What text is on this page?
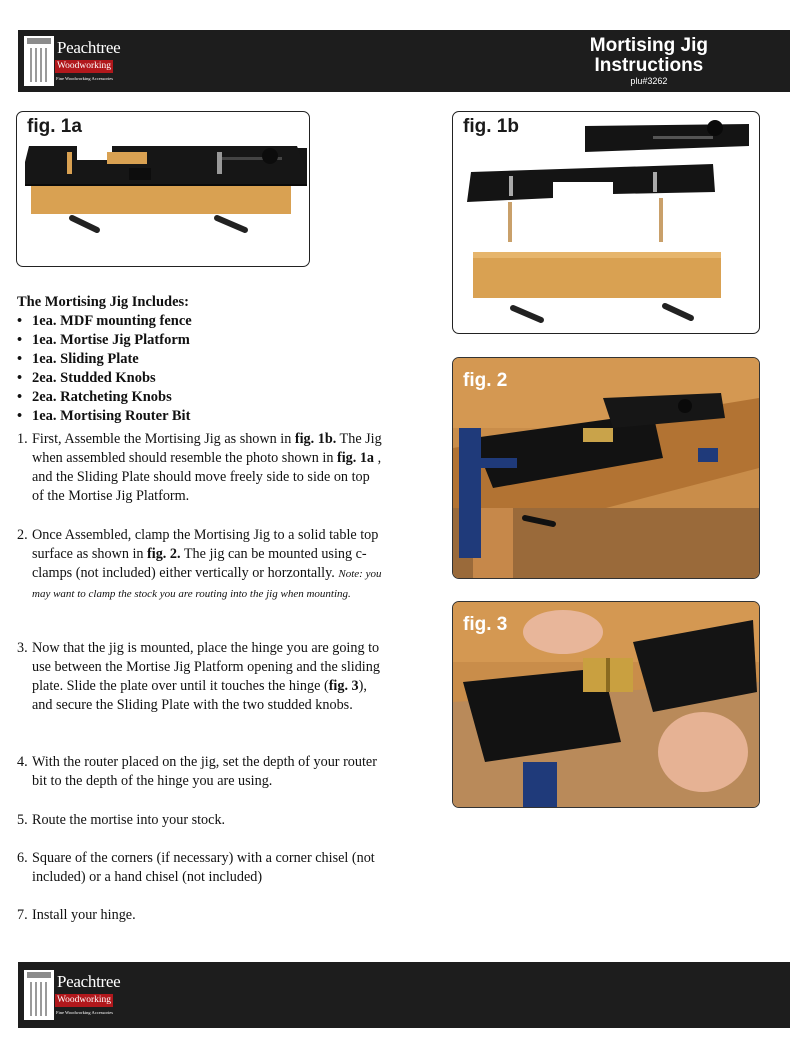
Peachtree
Woodworking
Fine Woodworking Accessories
Mortising Jig
Instructions
plu#3262
fig. 1a	fig. 1b
fig. 2
fig. 3
The Mortising Jig Includes:
• 1ea. MDF mounting fence
• 1ea. Mortise Jig Platform
• 1ea. Sliding Plate
• 2ea. Studded Knobs
• 2ea. Ratcheting Knobs
• 1ea. Mortising Router Bit
1. First, Assemble the Mortising Jig as shown in fig. 1b. The Jig when assembled should resemble the photo shown in fig. 1a , and the Sliding Plate should move freely side to side on top of the Mortise Jig Platform.
2. Once Assembled, clamp the Mortising Jig to a solid table top surface as shown in fig. 2. The jig can be mounted using c-clamps (not included) either vertically or horzontally. Note: you may want to clamp the stock you are routing into the jig when mounting.
3. Now that the jig is mounted, place the hinge you are going to use between the Mortise Jig Platform opening and the sliding plate. Slide the plate over until it touches the hinge (fig. 3), and secure the Sliding Plate with the two studded knobs.
4. With the router placed on the jig, set the depth of your router bit to the depth of the hinge you are using.
5. Route the mortise into your stock.
6. Square of the corners (if necessary) with a corner chisel (not included) or a hand chisel (not included)
7. Install your hinge.
Peachtree
Woodworking
Fine Woodworking Accessories
